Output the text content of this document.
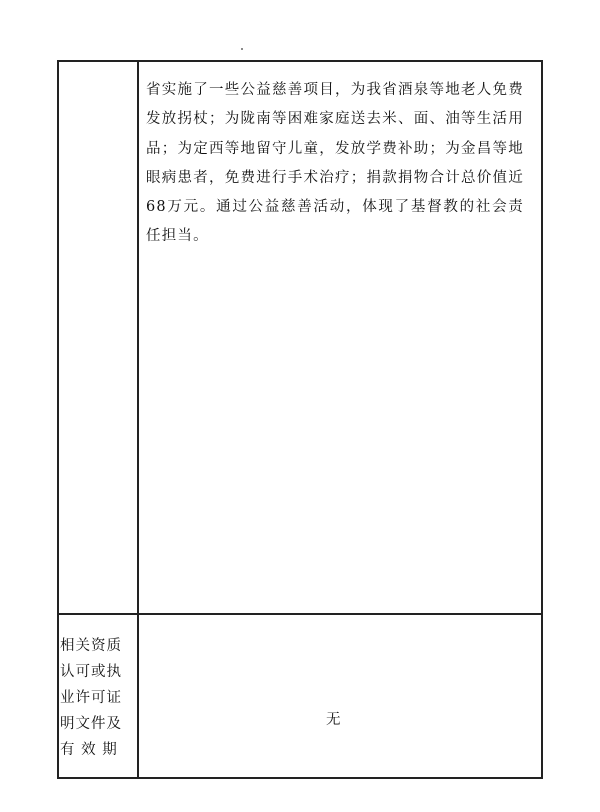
省实施了一些公益慈善项目，为我省酒泉等地老人免费发放拐杖；为陇南等困难家庭送去米、面、油等生活用品；为定西等地留守儿童，发放学费补助；为金昌等地眼病患者，免费进行手术治疗；捐款捐物合计总价值近68万元。通过公益慈善活动，体现了基督教的社会责任担当。

相关资质
认可或执
业许可证
明文件及
有 效 期
无
